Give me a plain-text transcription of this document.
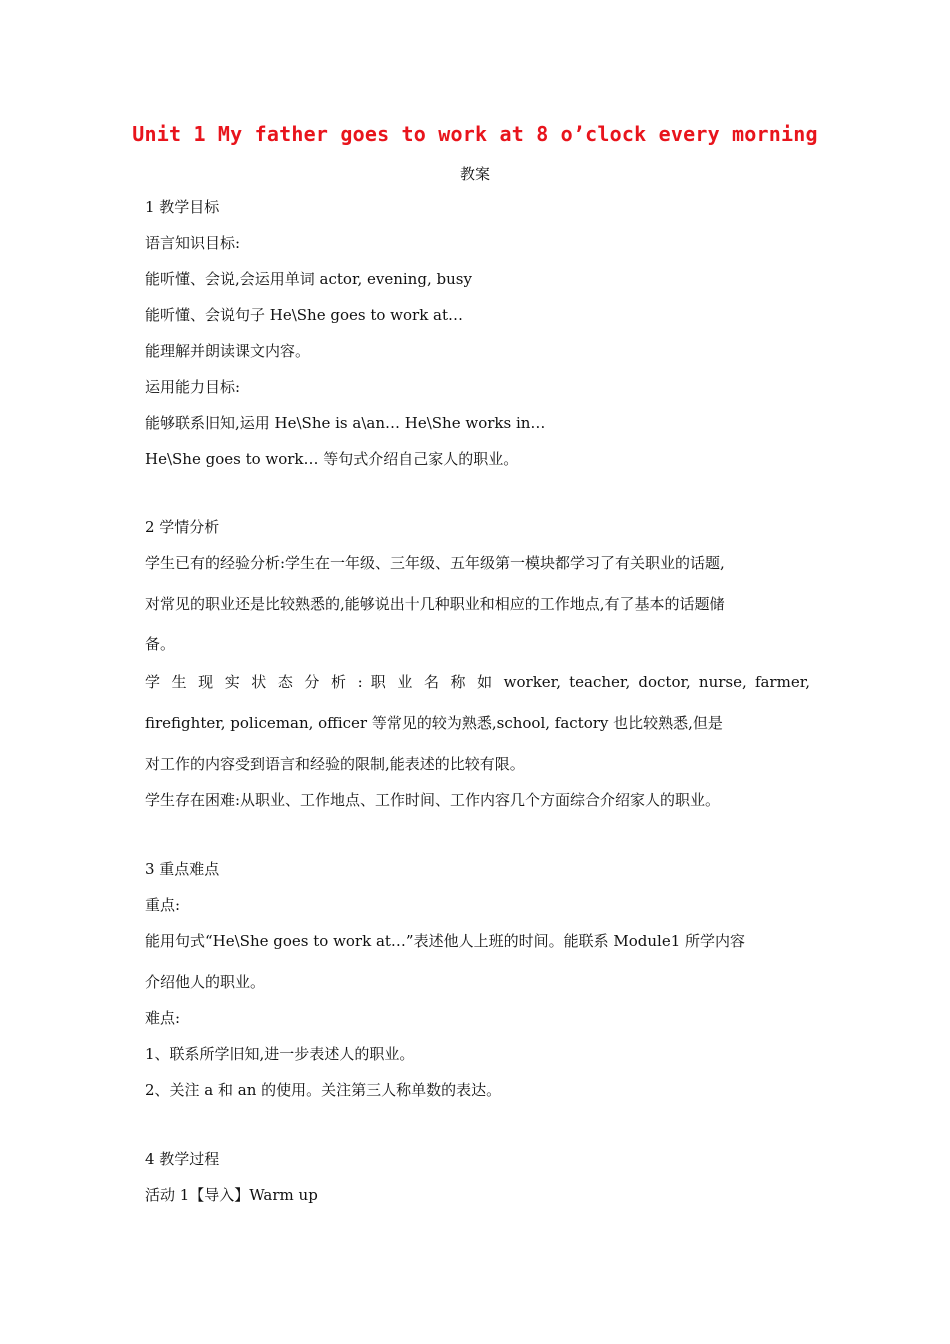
Unit 1 My father goes to work at 8 o’clock every morning
教案
1 教学目标
语言知识目标:
能听懂、会说,会运用单词 actor, evening, busy
能听懂、会说句子 He\She goes to work at…
能理解并朗读课文内容。
运用能力目标:
能够联系旧知,运用 He\She is a\an… He\She works in…
He\She goes to work… 等句式介绍自己家人的职业。
2 学情分析
学生已有的经验分析:学生在一年级、三年级、五年级第一模块都学习了有关职业的话题,
对常见的职业还是比较熟悉的,能够说出十几种职业和相应的工作地点,有了基本的话题储
备。
学 生 现 实 状 态 分 析 : 职 业 名 称 如 worker, teacher, doctor, nurse, farmer,
firefighter, policeman, officer 等常见的较为熟悉,school, factory 也比较熟悉,但是
对工作的内容受到语言和经验的限制,能表述的比较有限。
学生存在困难:从职业、工作地点、工作时间、工作内容几个方面综合介绍家人的职业。
3 重点难点
重点:
能用句式“He\She goes to work at…”表述他人上班的时间。能联系 Module1 所学内容
介绍他人的职业。
难点:
1、联系所学旧知,进一步表述人的职业。
2、关注 a 和 an 的使用。关注第三人称单数的表达。
4 教学过程
活动 1【导入】Warm up
